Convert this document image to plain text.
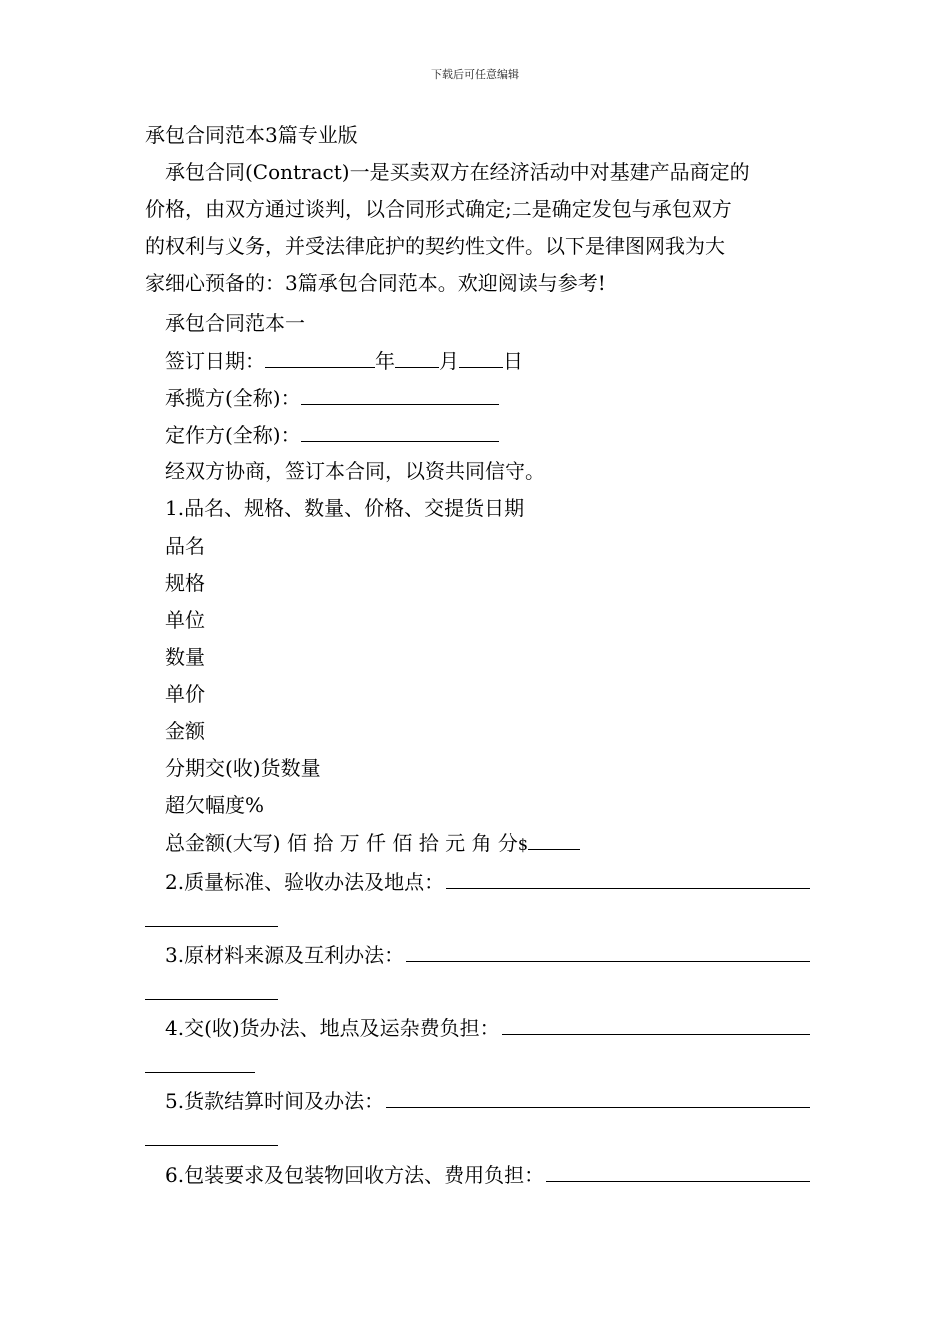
下载后可任意编辑
承包合同范本3篇专业版
承包合同(Contract)一是买卖双方在经济活动中对基建产品商定的
价格，由双方通过谈判，以合同形式确定;二是确定发包与承包双方
的权利与义务，并受法律庇护的契约性文件。以下是律图网我为大
家细心预备的：3篇承包合同范本。欢迎阅读与参考!
承包合同范本一
签订日期：	年 月 日
承揽方(全称)：
定作方(全称)：
经双方协商，签订本合同，以资共同信守。
1.品名、规格、数量、价格、交提货日期
品名
规格
单位
数量
单价
金额
分期交(收)货数量
超欠幅度%
总金额(大写) 佰 拾 万 仟 佰 拾 元 角 分$
2.质量标准、验收办法及地点：
3.原材料来源及互利办法：
4.交(收)货办法、地点及运杂费负担：
5.货款结算时间及办法：
6.包装要求及包装物回收方法、费用负担：
